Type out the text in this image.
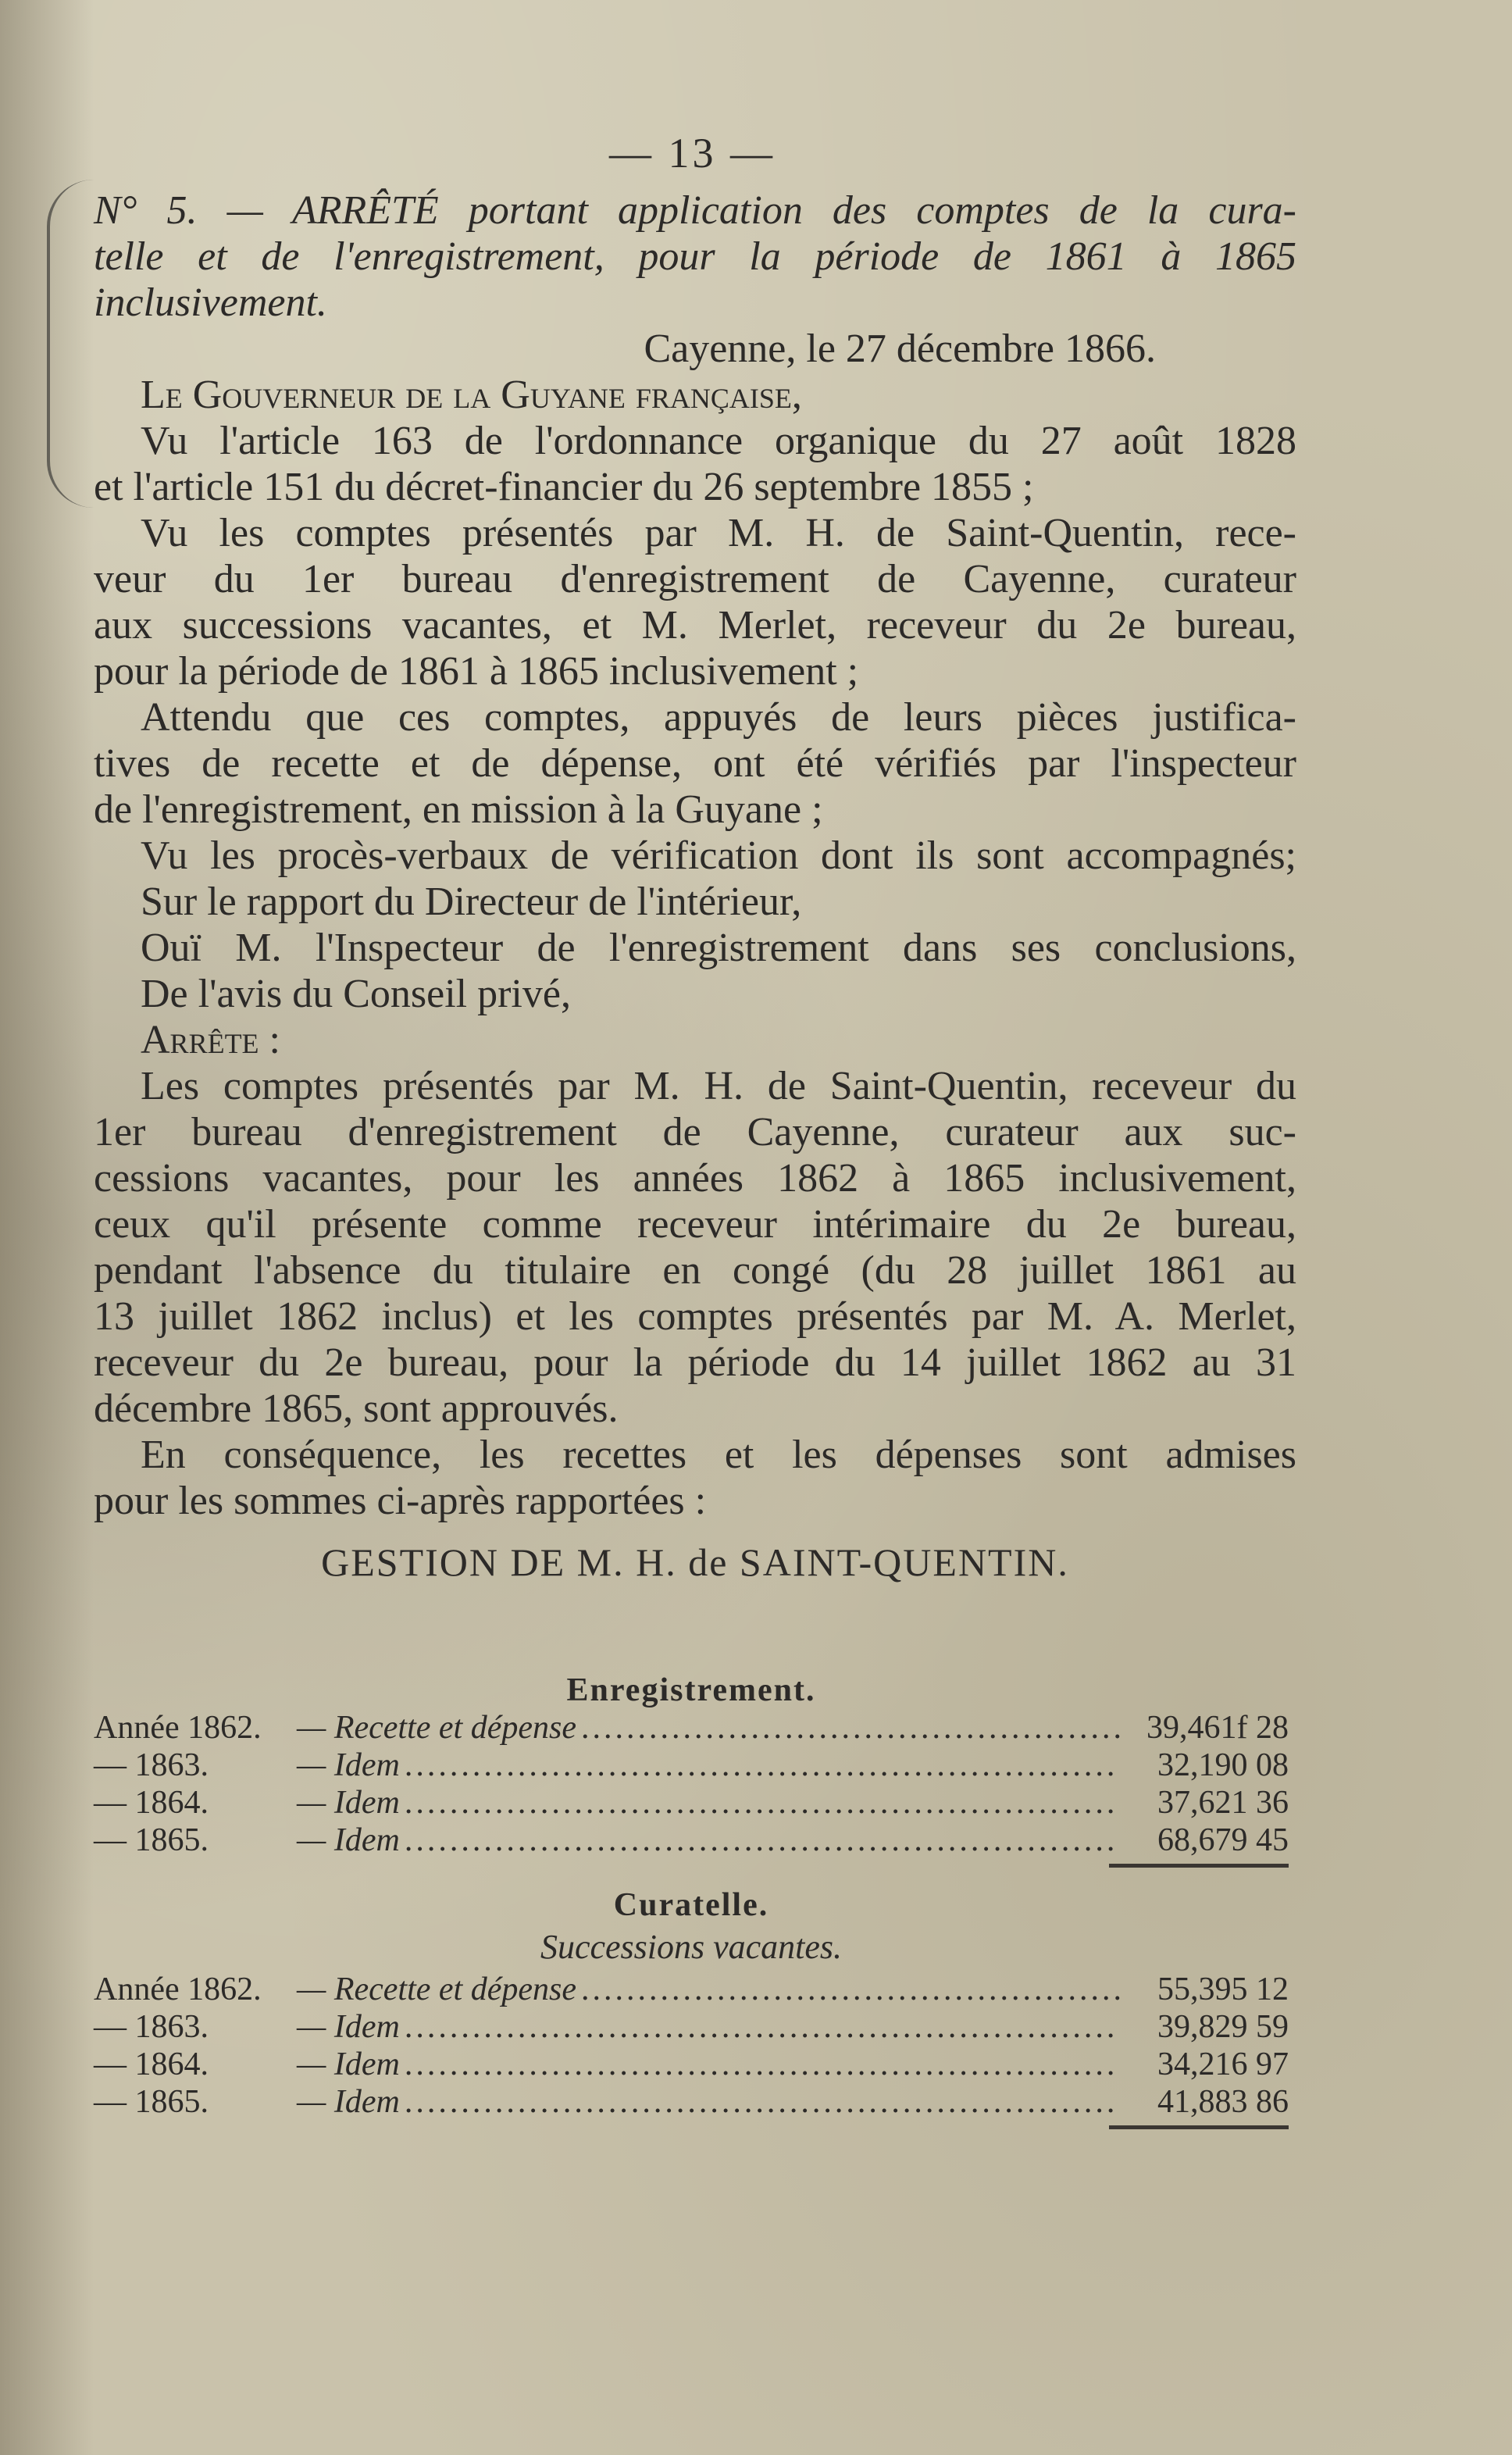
— 13 —
N° 5. — ARRÊTÉ portant application des comptes de la cura-
telle et de l'enregistrement, pour la période de 1861 à 1865
inclusivement.
Cayenne, le 27 décembre 1866.
Le Gouverneur de la Guyane française,
Vu l'article 163 de l'ordonnance organique du 27 août 1828
et l'article 151 du décret-financier du 26 septembre 1855 ;
Vu les comptes présentés par M. H. de Saint-Quentin, rece-
veur du 1er bureau d'enregistrement de Cayenne, curateur
aux successions vacantes, et M. Merlet, receveur du 2e bureau,
pour la période de 1861 à 1865 inclusivement ;
Attendu que ces comptes, appuyés de leurs pièces justifica-
tives de recette et de dépense, ont été vérifiés par l'inspecteur
de l'enregistrement, en mission à la Guyane ;
Vu les procès-verbaux de vérification dont ils sont accompagnés;
Sur le rapport du Directeur de l'intérieur,
Ouï M. l'Inspecteur de l'enregistrement dans ses conclusions,
De l'avis du Conseil privé,
Arrête :
Les comptes présentés par M. H. de Saint-Quentin, receveur du
1er bureau d'enregistrement de Cayenne, curateur aux suc-
cessions vacantes, pour les années 1862 à 1865 inclusivement,
ceux qu'il présente comme receveur intérimaire du 2e bureau,
pendant l'absence du titulaire en congé (du 28 juillet 1861 au
13 juillet 1862 inclus) et les comptes présentés par M. A. Merlet,
receveur du 2e bureau, pour la période du 14 juillet 1862 au 31
décembre 1865, sont approuvés.
En conséquence, les recettes et les dépenses sont admises
pour les sommes ci-après rapportées :
GESTION DE M. H. de SAINT-QUENTIN.
Enregistrement.
Année 1862.	— Recette et dépense .....	39,461f 28
— 1863.	— Idem .....	32,190 08
— 1864.	— Idem .....	37,621 36
— 1865.	— Idem .....	68,679 45
Curatelle.
Successions vacantes.
Année 1862.	— Recette et dépense .....	55,395 12
— 1863.	— Idem .....	39,829 59
— 1864.	— Idem .....	34,216 97
— 1865.	— Idem .....	41,883 86
